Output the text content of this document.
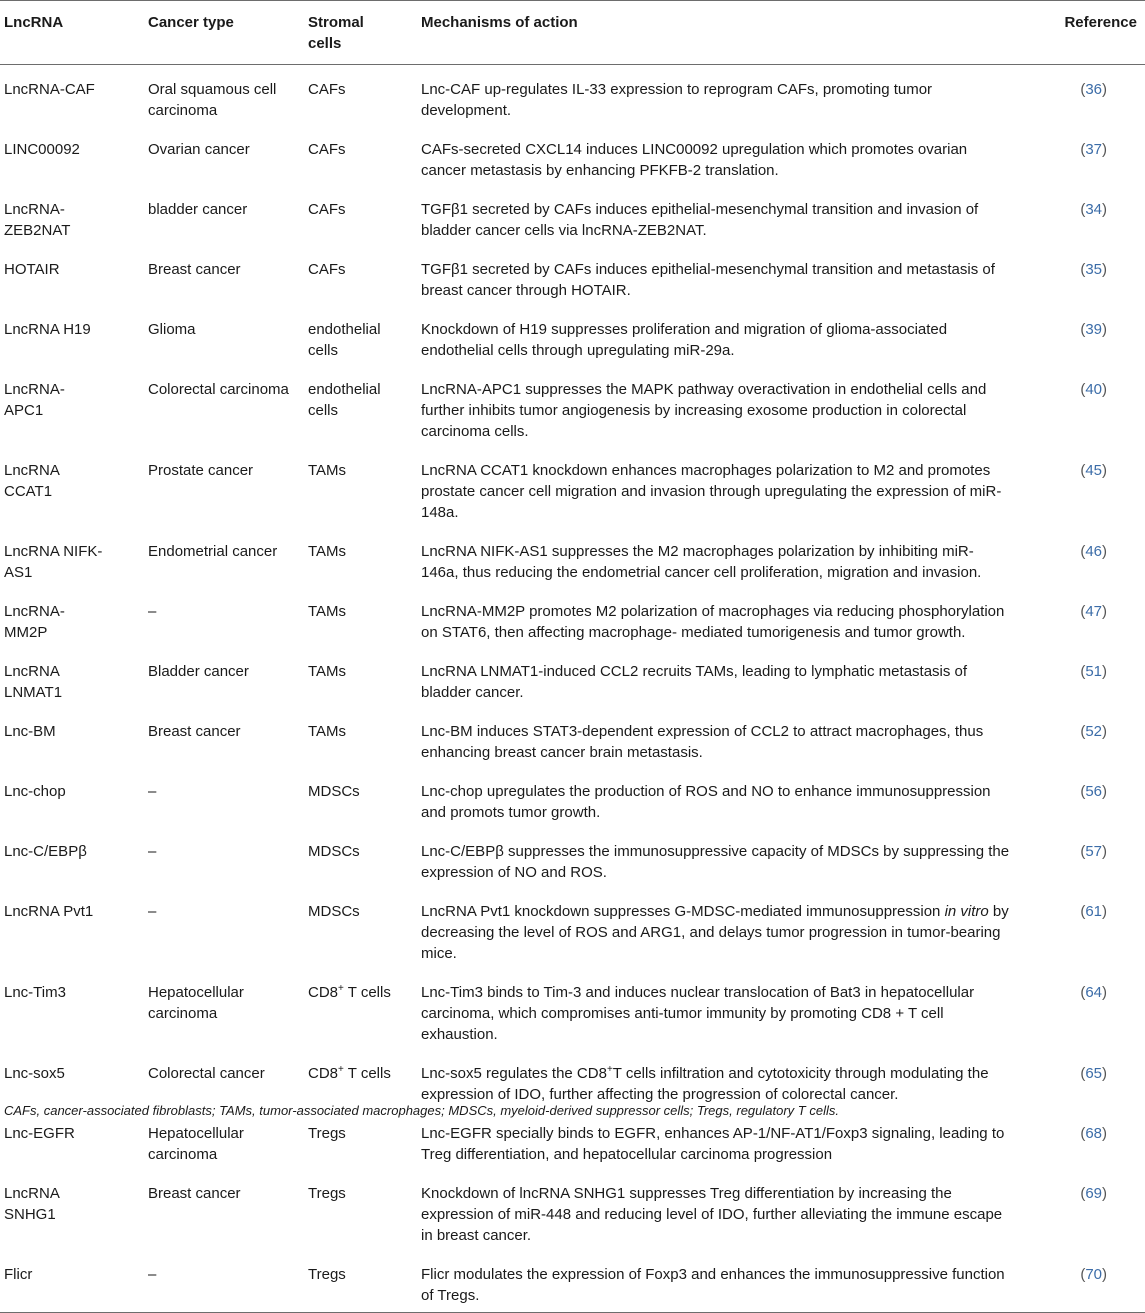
LncRNA	Cancer type	Stromal cells	Mechanisms of action	Reference

LncRNA-CAF	Oral squamous cell carcinoma	CAFs	Lnc-CAF up-regulates IL-33 expression to reprogram CAFs, promoting tumor development.	(36)

LINC00092	Ovarian cancer	CAFs	CAFs-secreted CXCL14 induces LINC00092 upregulation which promotes ovarian cancer metastasis by enhancing PFKFB-2 translation.	(37)

LncRNA-ZEB2NAT	bladder cancer	CAFs	TGFβ1 secreted by CAFs induces epithelial-mesenchymal transition and invasion of bladder cancer cells via lncRNA-ZEB2NAT.	(34)

HOTAIR	Breast cancer	CAFs	TGFβ1 secreted by CAFs induces epithelial-mesenchymal transition and metastasis of breast cancer through HOTAIR.	(35)

LncRNA H19	Glioma	endothelial cells	Knockdown of H19 suppresses proliferation and migration of glioma-associated endothelial cells through upregulating miR-29a.	(39)

LncRNA-APC1	Colorectal carcinoma	endothelial cells	LncRNA-APC1 suppresses the MAPK pathway overactivation in endothelial cells and further inhibits tumor angiogenesis by increasing exosome production in colorectal carcinoma cells.	(40)

LncRNA CCAT1	Prostate cancer	TAMs	LncRNA CCAT1 knockdown enhances macrophages polarization to M2 and promotes prostate cancer cell migration and invasion through upregulating the expression of miR-148a.	(45)

LncRNA NIFK-AS1	Endometrial cancer	TAMs	LncRNA NIFK-AS1 suppresses the M2 macrophages polarization by inhibiting miR-146a, thus reducing the endometrial cancer cell proliferation, migration and invasion.	(46)

LncRNA-MM2P	–	TAMs	LncRNA-MM2P promotes M2 polarization of macrophages via reducing phosphorylation on STAT6, then affecting macrophage- mediated tumorigenesis and tumor growth.	(47)

LncRNA LNMAT1	Bladder cancer	TAMs	LncRNA LNMAT1-induced CCL2 recruits TAMs, leading to lymphatic metastasis of bladder cancer.	(51)

Lnc-BM	Breast cancer	TAMs	Lnc-BM induces STAT3-dependent expression of CCL2 to attract macrophages, thus enhancing breast cancer brain metastasis.	(52)

Lnc-chop	–	MDSCs	Lnc-chop upregulates the production of ROS and NO to enhance immunosuppression and promots tumor growth.	(56)

Lnc-C/EBPβ	–	MDSCs	Lnc-C/EBPβ suppresses the immunosuppressive capacity of MDSCs by suppressing the expression of NO and ROS.	(57)

LncRNA Pvt1	–	MDSCs	LncRNA Pvt1 knockdown suppresses G-MDSC-mediated immunosuppression in vitro by decreasing the level of ROS and ARG1, and delays tumor progression in tumor-bearing mice.	(61)

Lnc-Tim3	Hepatocellular carcinoma	CD8+ T cells	Lnc-Tim3 binds to Tim-3 and induces nuclear translocation of Bat3 in hepatocellular carcinoma, which compromises anti-tumor immunity by promoting CD8 + T cell exhaustion.	(64)

Lnc-sox5	Colorectal cancer	CD8+ T cells	Lnc-sox5 regulates the CD8+T cells infiltration and cytotoxicity through modulating the expression of IDO, further affecting the progression of colorectal cancer.	(65)

Lnc-EGFR	Hepatocellular carcinoma	Tregs	Lnc-EGFR specially binds to EGFR, enhances AP-1/NF-AT1/Foxp3 signaling, leading to Treg differentiation, and hepatocellular carcinoma progression	(68)

LncRNA SNHG1	Breast cancer	Tregs	Knockdown of lncRNA SNHG1 suppresses Treg differentiation by increasing the expression of miR-448 and reducing level of IDO, further alleviating the immune escape in breast cancer.	(69)

Flicr	–	Tregs	Flicr modulates the expression of Foxp3 and enhances the immunosuppressive function of Tregs.	(70)
CAFs, cancer-associated fibroblasts; TAMs, tumor-associated macrophages; MDSCs, myeloid-derived suppressor cells; Tregs, regulatory T cells.
